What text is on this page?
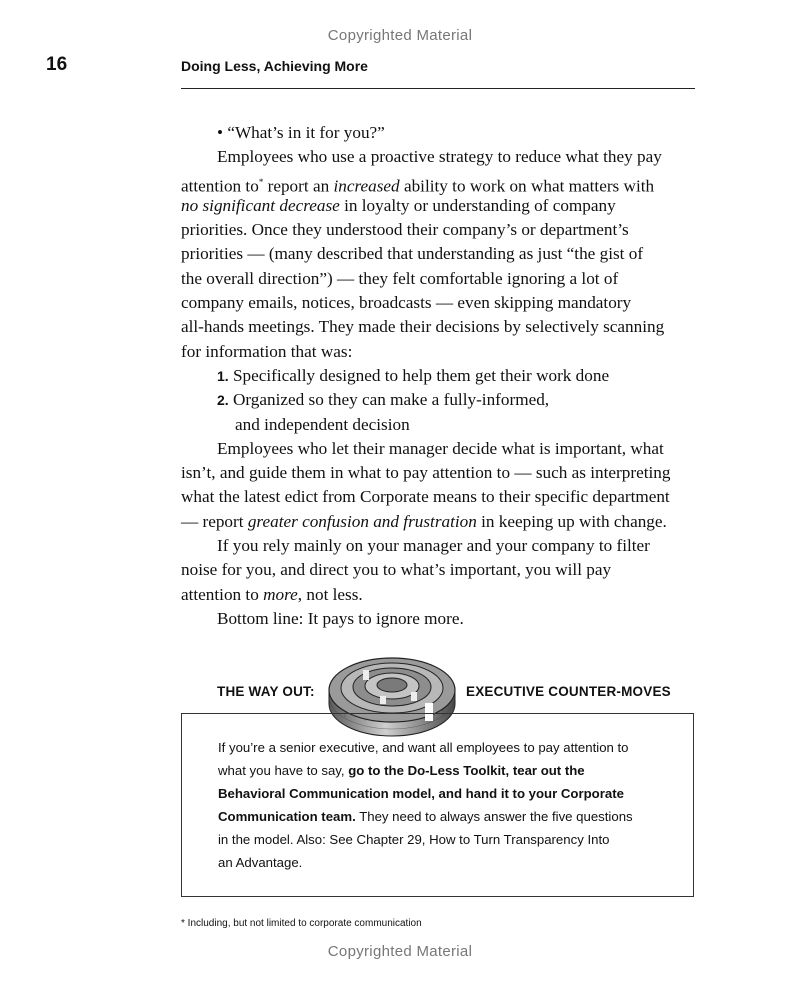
Copyrighted Material
16	Doing Less, Achieving More
• “What’s in it for you?”
Employees who use a proactive strategy to reduce what they pay
attention to* report an increased ability to work on what matters with
no significant decrease in loyalty or understanding of company
priorities. Once they understood their company’s or department’s
priorities — (many described that understanding as just “the gist of
the overall direction”) — they felt comfortable ignoring a lot of
company emails, notices, broadcasts — even skipping mandatory
all-hands meetings. They made their decisions by selectively scanning
for information that was:
1. Specifically designed to help them get their work done
2. Organized so they can make a fully-informed,
and independent decision
Employees who let their manager decide what is important, what
isn’t, and guide them in what to pay attention to — such as interpreting
what the latest edict from Corporate means to their specific department
— report greater confusion and frustration in keeping up with change.
If you rely mainly on your manager and your company to filter
noise for you, and direct you to what’s important, you will pay
attention to more, not less.
Bottom line: It pays to ignore more.
THE WAY OUT:	EXECUTIVE COUNTER-MOVES
If you’re a senior executive, and want all employees to pay attention to
what you have to say, go to the Do-Less Toolkit, tear out the
Behavioral Communication model, and hand it to your Corporate
Communication team. They need to always answer the five questions
in the model. Also: See Chapter 29, How to Turn Transparency Into
an Advantage.
* Including, but not limited to corporate communication
Copyrighted Material
